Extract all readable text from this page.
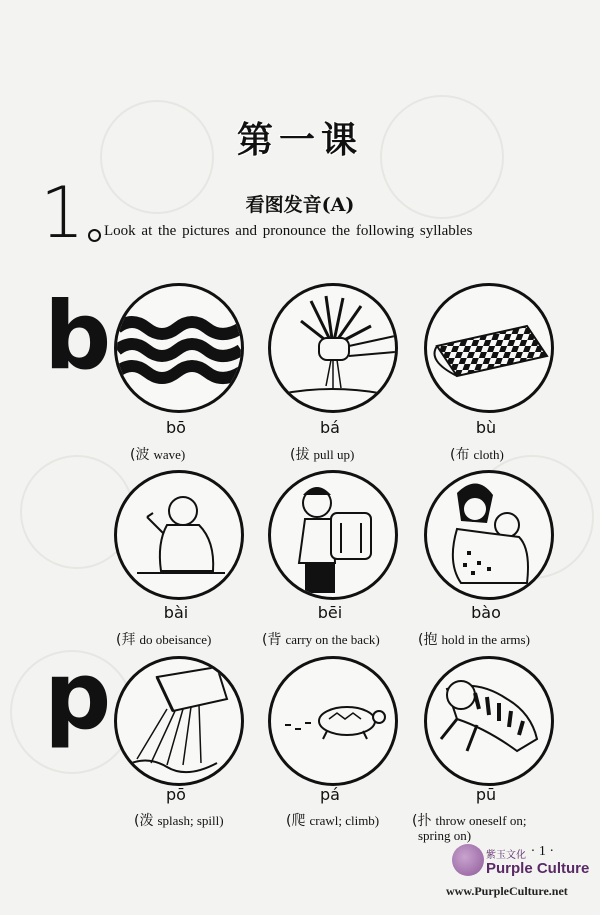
第一课
1	看图发音(A)
Look at the pictures and pronounce the following syllables
b
p
bō	bá	bù
(波 wave)	(拔 pull up)	(布 cloth)
bài	bēi	bào
(拜 do obeisance)	(背 carry on the back)	(抱 hold in the arms)
pō	pá	pū
(泼 splash; spill)	(爬 crawl; climb) (扑 throw oneself on;
spring on)
· 1 ·
紫玉文化
Purple Culture
www.PurpleCulture.net
